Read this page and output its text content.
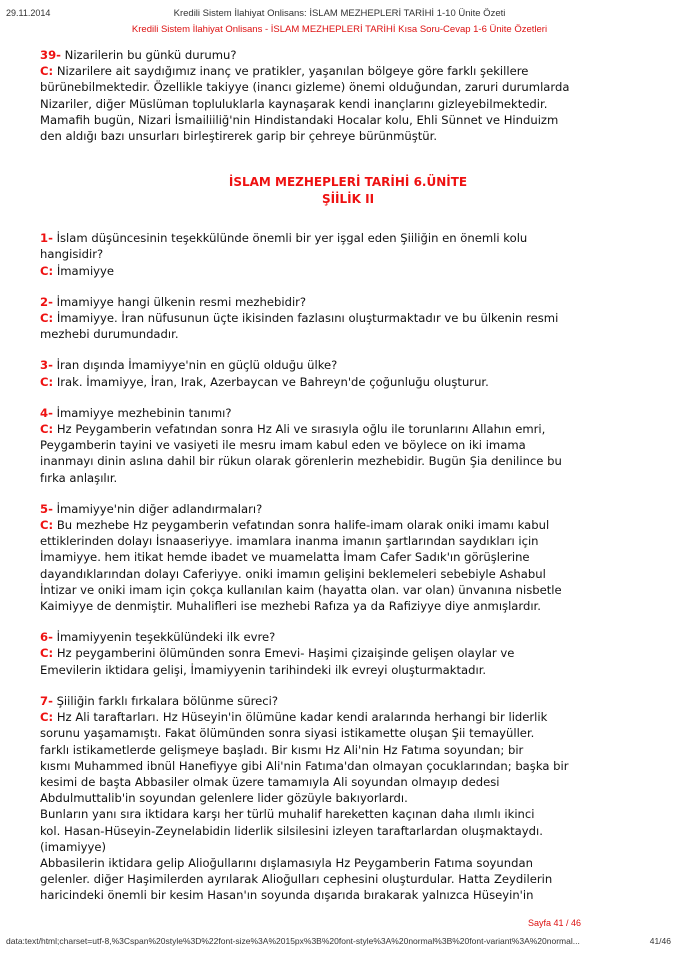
29.11.2014	Kredili Sistem İlahiyat Onlisans: İSLAM MEZHEPLERİ TARİHİ 1-10 Ünite Özeti
Kredili Sistem İlahiyat Onlisans - İSLAM MEZHEPLERİ TARİHİ Kısa Soru-Cevap 1-6 Ünite Özetleri
39- Nizarilerin bu günkü durumu?
C: Nizarilere ait saydığımız inanç ve pratikler, yaşanılan bölgeye göre farklı şekillere
bürünebilmektedir. Özellikle takiyye (inancı gizleme) önemi olduğundan, zaruri durumlarda
Nizariler, diğer Müslüman topluluklarla kaynaşarak kendi inançlarını gizleyebilmektedir.
Mamafih bugün, Nizari İsmailiiliğ'nin Hindistandaki Hocalar kolu, Ehli Sünnet ve Hinduizm
den aldığı bazı unsurları birleştirerek garip bir çehreye bürünmüştür.
İSLAM MEZHEPLERİ TARİHİ 6.ÜNİTE
ŞİİLİK II
1- İslam düşüncesinin teşekkülünde önemli bir yer işgal eden Şiiliğin en önemli kolu
hangisidir?
C: İmamiyye
2- İmamiyye hangi ülkenin resmi mezhebidir?
C: İmamiyye. İran nüfusunun üçte ikisinden fazlasını oluşturmaktadır ve bu ülkenin resmi
mezhebi durumundadır.
3- İran dışında İmamiyye'nin en güçlü olduğu ülke?
C: Irak. İmamiyye, İran, Irak, Azerbaycan ve Bahreyn'de çoğunluğu oluşturur.
4- İmamiyye mezhebinin tanımı?
C: Hz Peygamberin vefatından sonra Hz Ali ve sırasıyla oğlu ile torunlarını Allahın emri,
Peygamberin tayini ve vasiyeti ile mesru imam kabul eden ve böylece on iki imama
inanmayı dinin aslına dahil bir rükun olarak görenlerin mezhebidir. Bugün Şia denilince bu
fırka anlaşılır.
5- İmamiyye'nin diğer adlandırmaları?
C: Bu mezhebe Hz peygamberin vefatından sonra halife-imam olarak oniki imamı kabul
ettiklerinden dolayı İsnaaseriyye. imamlara inanma imanın şartlarından saydıkları için
İmamiyye. hem itikat hemde ibadet ve muamelatta İmam Cafer Sadık'ın görüşlerine
dayandıklarından dolayı Caferiyye. oniki imamın gelişini beklemeleri sebebiyle Ashabul
İntizar ve oniki imam için çokça kullanılan kaim (hayatta olan. var olan) ünvanına nisbetle
Kaimiyye de denmiştir. Muhalifleri ise mezhebi Rafıza ya da Rafiziyye diye anmışlardır.
6- İmamiyyenin teşekkülündeki ilk evre?
C: Hz peygamberini ölümünden sonra Emevi- Haşimi çizaişinde gelişen olaylar ve
Emevilerin iktidara gelişi, İmamiyyenin tarihindeki ilk evreyi oluşturmaktadır.
7- Şiiliğin farklı fırkalara bölünme süreci?
C: Hz Ali taraftarları. Hz Hüseyin'in ölümüne kadar kendi aralarında herhangi bir liderlik
sorunu yaşamamıştı. Fakat ölümünden sonra siyasi istikamette oluşan Şii temayüller.
farklı istikametlerde gelişmeye başladı. Bir kısmı Hz Ali'nin Hz Fatıma soyundan; bir
kısmı Muhammed ibnül Hanefiyye gibi Ali'nin Fatıma'dan olmayan çocuklarından; başka bir
kesimi de başta Abbasiler olmak üzere tamamıyla Ali soyundan olmayıp dedesi
Abdulmuttalib'in soyundan gelenlere lider gözüyle bakıyorlardı.
Bunların yanı sıra iktidara karşı her türlü muhalif hareketten kaçınan daha ılımlı ikinci
kol. Hasan-Hüseyin-Zeynelabidin liderlik silsilesini izleyen taraftarlardan oluşmaktaydı.
(imamiyye)
Abbasilerin iktidara gelip Alioğullarını dışlamasıyla Hz Peygamberin Fatıma soyundan
gelenler. diğer Haşimilerden ayrılarak Alioğulları cephesini oluşturdular. Hatta Zeydilerin
haricindeki önemli bir kesim Hasan'ın soyunda dışarıda bırakarak yalnızca Hüseyin'in
Sayfa 41 / 46
data:text/html;charset=utf-8,%3Cspan%20style%3D%22font-size%3A%2015px%3B%20font-style%3A%20normal%3B%20font-variant%3A%20normal...	41/46
